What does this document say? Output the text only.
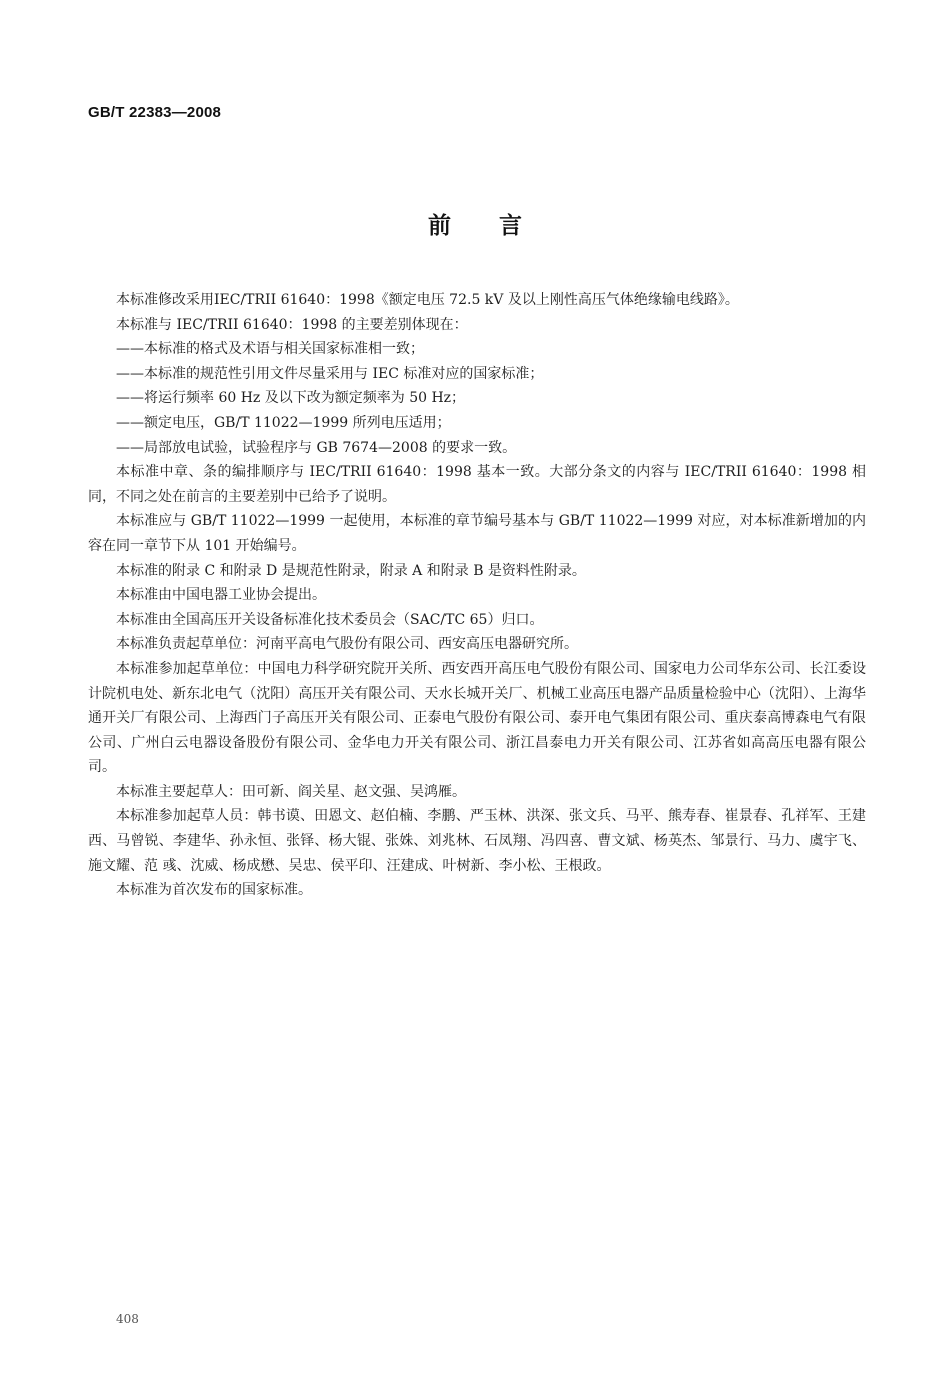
GB/T 22383—2008
前 言

本标准修改采用IEC/TRII 61640：1998《额定电压 72.5 kV 及以上刚性高压气体绝缘输电线路》。

本标准与 IEC/TRII 61640：1998 的主要差别体现在：

——本标准的格式及术语与相关国家标准相一致；

——本标准的规范性引用文件尽量采用与 IEC 标准对应的国家标准；

——将运行频率 60 Hz 及以下改为额定频率为 50 Hz；

——额定电压，GB/T 11022—1999 所列电压适用；

——局部放电试验，试验程序与 GB 7674—2008 的要求一致。

本标准中章、条的编排顺序与 IEC/TRII 61640：1998 基本一致。大部分条文的内容与 IEC/TRII 61640：1998 相同，不同之处在前言的主要差别中已给予了说明。

本标准应与 GB/T 11022—1999 一起使用，本标准的章节编号基本与 GB/T 11022—1999 对应，对本标准新增加的内容在同一章节下从 101 开始编号。

本标准的附录 C 和附录 D 是规范性附录，附录 A 和附录 B 是资料性附录。

本标准由中国电器工业协会提出。

本标准由全国高压开关设备标准化技术委员会（SAC/TC 65）归口。

本标准负责起草单位：河南平高电气股份有限公司、西安高压电器研究所。

本标准参加起草单位：中国电力科学研究院开关所、西安西开高压电气股份有限公司、国家电力公司华东公司、长江委设计院机电处、新东北电气（沈阳）高压开关有限公司、天水长城开关厂、机械工业高压电器产品质量检验中心（沈阳）、上海华通开关厂有限公司、上海西门子高压开关有限公司、正泰电气股份有限公司、泰开电气集团有限公司、重庆泰高博森电气有限公司、广州白云电器设备股份有限公司、金华电力开关有限公司、浙江昌泰电力开关有限公司、江苏省如高高压电器有限公司。

本标准主要起草人：田可新、阎关星、赵文强、吴鸿雁。

本标准参加起草人员：韩书谟、田恩文、赵伯楠、李鹏、严玉林、洪深、张文兵、马平、熊寿春、崔景春、孔祥军、王建西、马曾锐、李建华、孙永恒、张铎、杨大锟、张姝、刘兆林、石凤翔、冯四喜、曹文斌、杨英杰、邹景行、马力、虞宇飞、施文耀、范 彧、沈威、杨成懋、吴忠、侯平印、汪建成、叶树新、李小松、王根政。

本标准为首次发布的国家标准。

408
